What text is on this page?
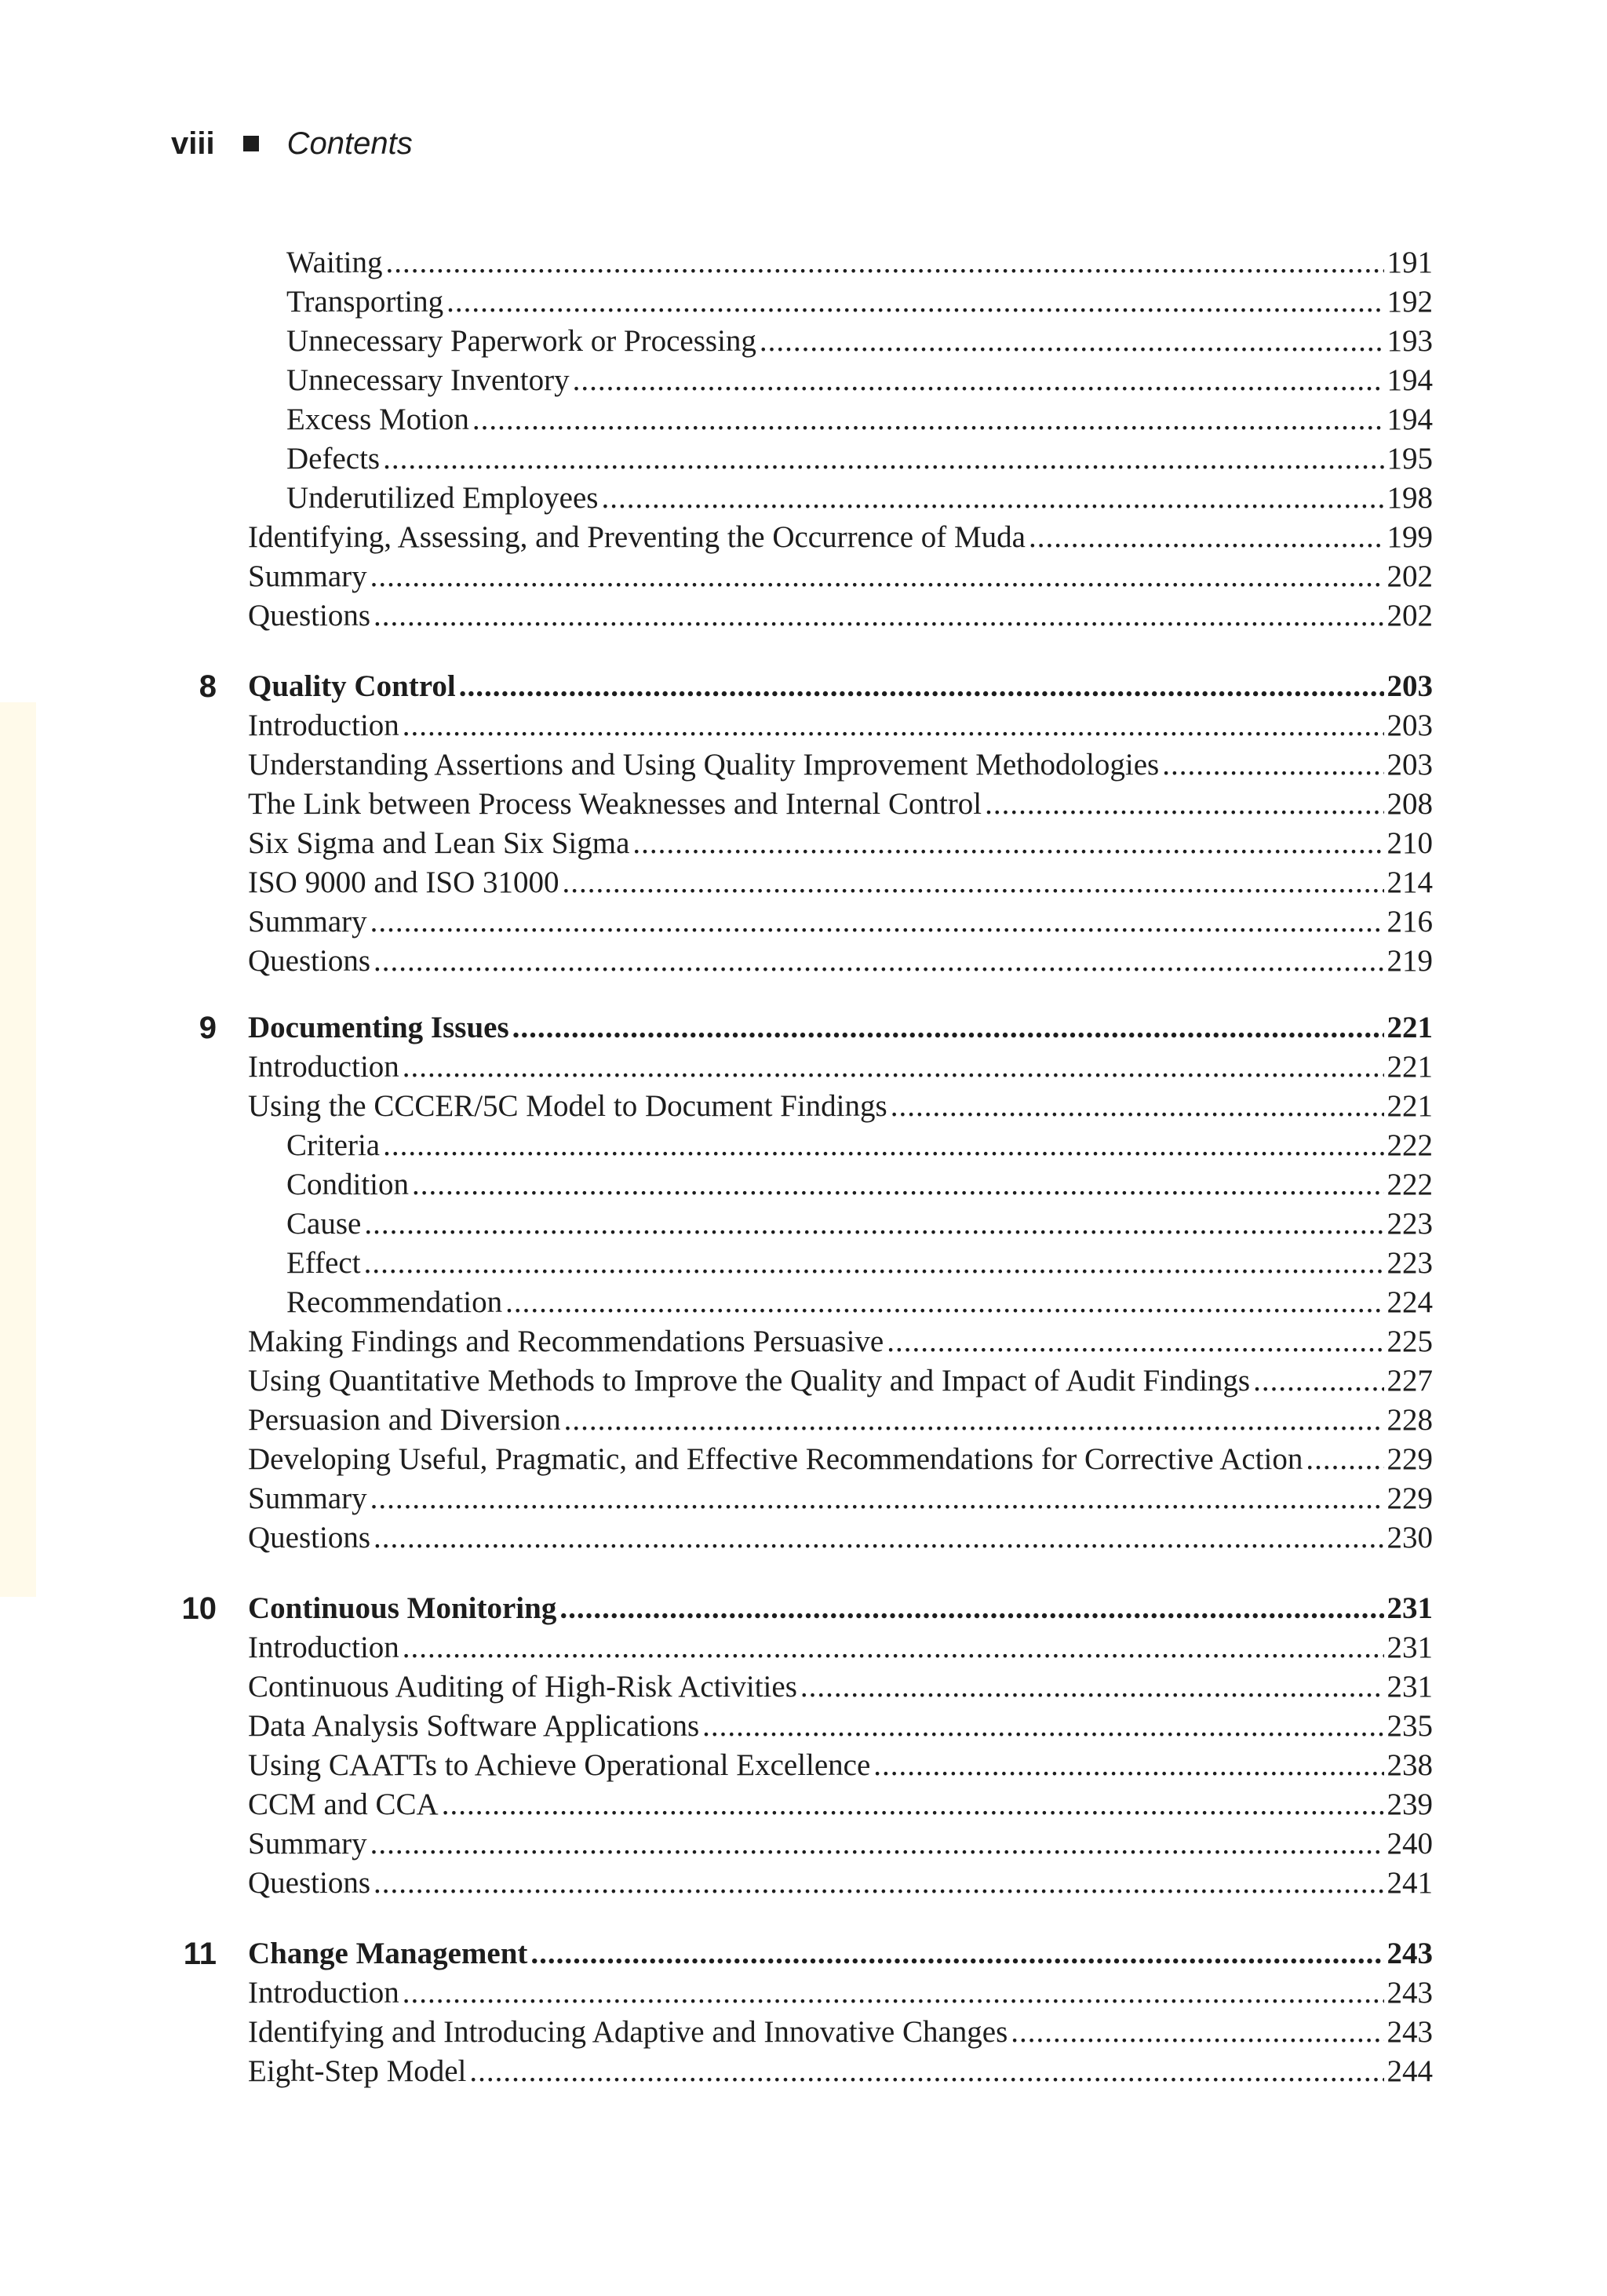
viii Contents
Waiting .....	191
Transporting .....	192
Unnecessary Paperwork or Processing .....	193
Unnecessary Inventory .....	194
Excess Motion .....	194
Defects .....	195
Underutilized Employees .....	198
Identifying, Assessing, and Preventing the Occurrence of Muda .....	199
Summary .....	202
Questions .....	202
8 Quality Control .....	203
Introduction .....	203
Understanding Assertions and Using Quality Improvement Methodologies .....	203
The Link between Process Weaknesses and Internal Control .....	208
Six Sigma and Lean Six Sigma .....	210
ISO 9000 and ISO 31000 .....	214
Summary .....	216
Questions .....	219
9 Documenting Issues .....	221
Introduction .....	221
Using the CCCER/5C Model to Document Findings .....	221
Criteria .....	222
Condition .....	222
Cause .....	223
Effect .....	223
Recommendation .....	224
Making Findings and Recommendations Persuasive .....	225
Using Quantitative Methods to Improve the Quality and Impact of Audit Findings .....	227
Persuasion and Diversion .....	228
Developing Useful, Pragmatic, and Effective Recommendations for Corrective Action .....	229
Summary .....	229
Questions .....	230
10 Continuous Monitoring .....	231
Introduction .....	231
Continuous Auditing of High-Risk Activities .....	231
Data Analysis Software Applications .....	235
Using CAATTs to Achieve Operational Excellence .....	238
CCM and CCA .....	239
Summary .....	240
Questions .....	241
11 Change Management .....	243
Introduction .....	243
Identifying and Introducing Adaptive and Innovative Changes .....	243
Eight-Step Model .....	244
